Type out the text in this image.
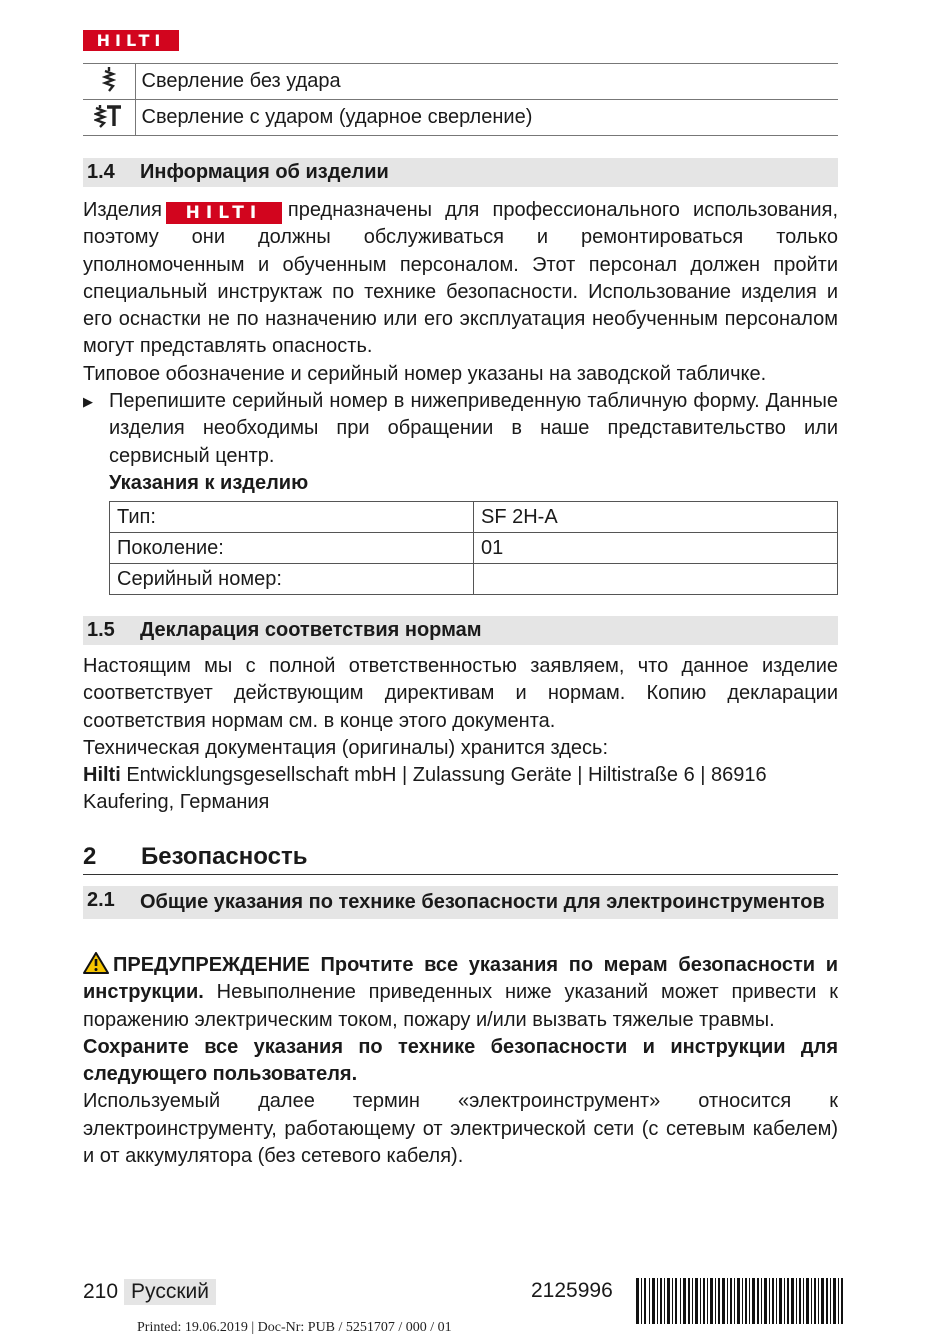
HILTI
	Сверление без удара
	Сверление с ударом (ударное сверление)
1.4 Информация об изделии

Изделия HILTI предназначены для профессионального использования, поэтому они должны обслуживаться и ремонтироваться только уполномоченным и обученным персоналом. Этот персонал должен пройти специальный инструктаж по технике безопасности. Использование изделия и его оснастки не по назначению или его эксплуатация необученным персоналом могут представлять опасность.

Типовое обозначение и серийный номер указаны на заводской табличке.

▶ Перепишите серийный номер в нижеприведенную табличную форму. Данные изделия необходимы при обращении в наше представительство или сервисный центр.

Указания к изделию

Тип:	SF 2H-A
Поколение:	01
Серийный номер:	
1.5 Декларация соответствия нормам

Настоящим мы с полной ответственностью заявляем, что данное изделие соответствует действующим директивам и нормам. Копию декларации соответствия нормам см. в конце этого документа.

Техническая документация (оригиналы) хранится здесь:

Hilti Entwicklungsgesellschaft mbH | Zulassung Geräte | Hiltistraße 6 | 86916 Kaufering, Германия

2 Безопасность
2.1	Общие указания по технике безопасности для электроинструментов

ПРЕДУПРЕЖДЕНИЕ Прочтите все указания по мерам безопасности и инструкции. Невыполнение приведенных ниже указаний может привести к поражению электрическим током, пожару и/или вызвать тяжелые травмы.

Сохраните все указания по технике безопасности и инструкции для следующего пользователя.

Используемый далее термин «электроинструмент» относится к электроинструменту, работающему от электрической сети (с сетевым кабелем) и от аккумулятора (без сетевого кабеля).

210 Русский	2125996
Printed: 19.06.2019 | Doc-Nr: PUB / 5251707 / 000 / 01
